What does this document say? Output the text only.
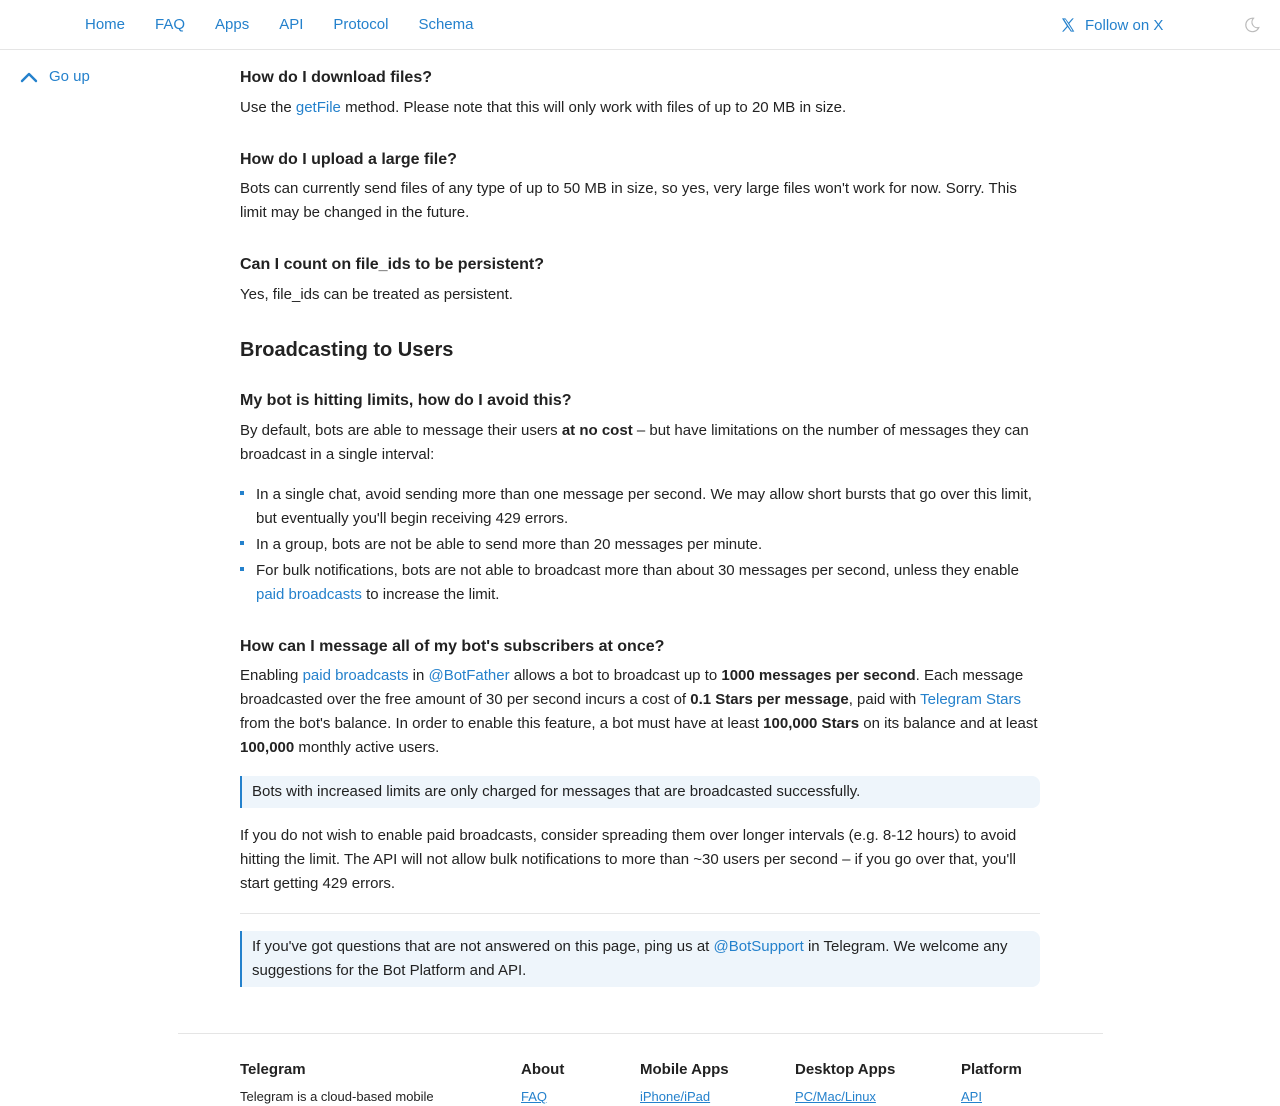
Home FAQ Apps API Protocol Schema	Follow on X
Go up	How do I download files?
Use the getFile method. Please note that this will only work with files of up to 20 MB in size.
How do I upload a large file?
Bots can currently send files of any type of up to 50 MB in size, so yes, very large files won't work for now. Sorry. This limit may be changed in the future.
Can I count on file_ids to be persistent?
Yes, file_ids can be treated as persistent.
Broadcasting to Users
My bot is hitting limits, how do I avoid this?
By default, bots are able to message their users at no cost – but have limitations on the number of messages they can broadcast in a single interval:
In a single chat, avoid sending more than one message per second. We may allow short bursts that go over this limit, but eventually you'll begin receiving 429 errors.
In a group, bots are not be able to send more than 20 messages per minute.
For bulk notifications, bots are not able to broadcast more than about 30 messages per second, unless they enable paid broadcasts to increase the limit.
How can I message all of my bot's subscribers at once?
Enabling paid broadcasts in @BotFather allows a bot to broadcast up to 1000 messages per second. Each message broadcasted over the free amount of 30 per second incurs a cost of 0.1 Stars per message, paid with Telegram Stars from the bot's balance. In order to enable this feature, a bot must have at least 100,000 Stars on its balance and at least 100,000 monthly active users.
Bots with increased limits are only charged for messages that are broadcasted successfully.
If you do not wish to enable paid broadcasts, consider spreading them over longer intervals (e.g. 8-12 hours) to avoid hitting the limit. The API will not allow bulk notifications to more than ~30 users per second – if you go over that, you'll start getting 429 errors.
If you've got questions that are not answered on this page, ping us at @BotSupport in Telegram. We welcome any suggestions for the Bot Platform and API.
Telegram
Telegram is a cloud-based mobile
About
FAQ
Mobile Apps
iPhone/iPad
Desktop Apps
PC/Mac/Linux
Platform
API
